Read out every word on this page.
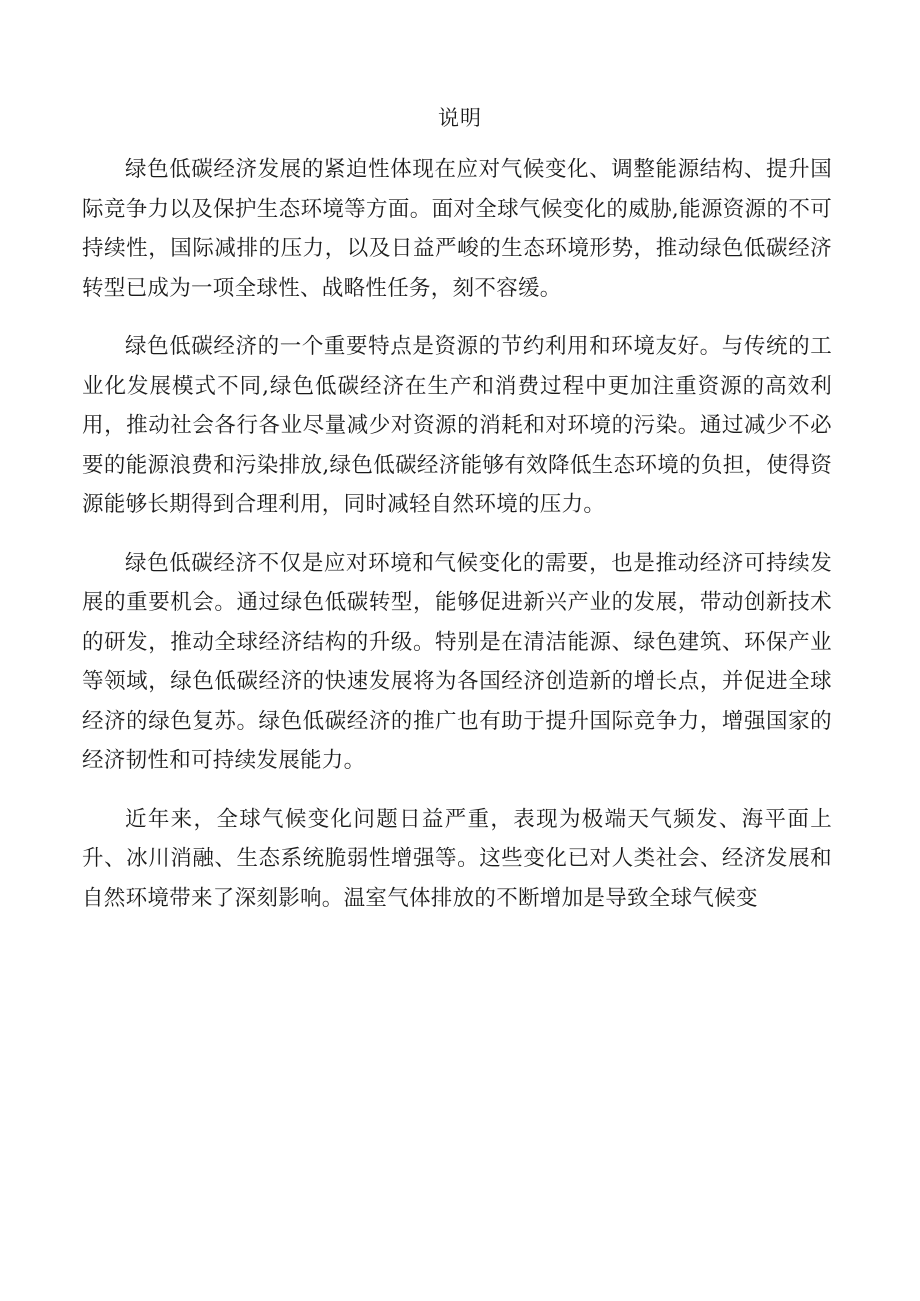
说明

绿色低碳经济发展的紧迫性体现在应对气候变化、调整能源结构、提升国际竞争力以及保护生态环境等方面。面对全球气候变化的威胁,能源资源的不可持续性，国际减排的压力，以及日益严峻的生态环境形势，推动绿色低碳经济转型已成为一项全球性、战略性任务，刻不容缓。

绿色低碳经济的一个重要特点是资源的节约利用和环境友好。与传统的工业化发展模式不同,绿色低碳经济在生产和消费过程中更加注重资源的高效利用，推动社会各行各业尽量减少对资源的消耗和对环境的污染。通过减少不必要的能源浪费和污染排放,绿色低碳经济能够有效降低生态环境的负担，使得资源能够长期得到合理利用，同时减轻自然环境的压力。

绿色低碳经济不仅是应对环境和气候变化的需要，也是推动经济可持续发展的重要机会。通过绿色低碳转型，能够促进新兴产业的发展，带动创新技术的研发，推动全球经济结构的升级。特别是在清洁能源、绿色建筑、环保产业等领域，绿色低碳经济的快速发展将为各国经济创造新的增长点，并促进全球经济的绿色复苏。绿色低碳经济的推广也有助于提升国际竞争力，增强国家的经济韧性和可持续发展能力。

近年来，全球气候变化问题日益严重，表现为极端天气频发、海平面上升、冰川消融、生态系统脆弱性增强等。这些变化已对人类社会、经济发展和自然环境带来了深刻影响。温室气体排放的不断增加是导致全球气候变
